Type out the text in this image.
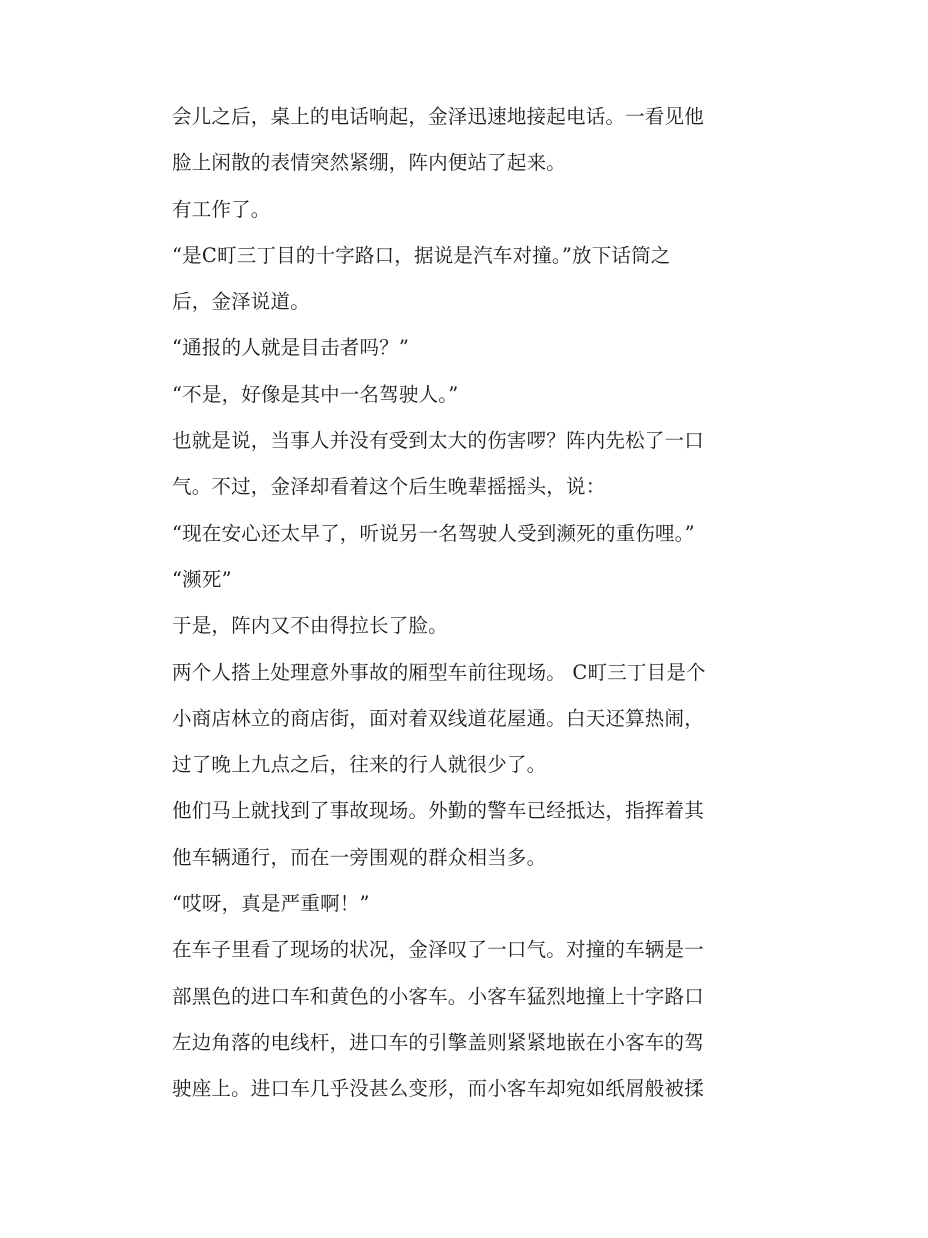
会儿之后，桌上的电话响起，金泽迅速地接起电话。一看见他
脸上闲散的表情突然紧绷，阵内便站了起来。
有工作了。
“是C町三丁目的十字路口，据说是汽车对撞。”放下话筒之
后，金泽说道。
“通报的人就是目击者吗？”
“不是，好像是其中一名驾驶人。”
也就是说，当事人并没有受到太大的伤害啰？阵内先松了一口
气。不过，金泽却看着这个后生晚辈摇摇头，说：
“现在安心还太早了，听说另一名驾驶人受到濒死的重伤哩。”
“濒死”
于是，阵内又不由得拉长了脸。
两个人搭上处理意外事故的厢型车前往现场。 C町三丁目是个
小商店林立的商店街，面对着双线道花屋通。白天还算热闹，
过了晚上九点之后，往来的行人就很少了。
他们马上就找到了事故现场。外勤的警车已经抵达，指挥着其
他车辆通行，而在一旁围观的群众相当多。
“哎呀，真是严重啊！”
在车子里看了现场的状况，金泽叹了一口气。对撞的车辆是一
部黑色的进口车和黄色的小客车。小客车猛烈地撞上十字路口
左边角落的电线杆，进口车的引擎盖则紧紧地嵌在小客车的驾
驶座上。进口车几乎没甚么变形，而小客车却宛如纸屑般被揉
